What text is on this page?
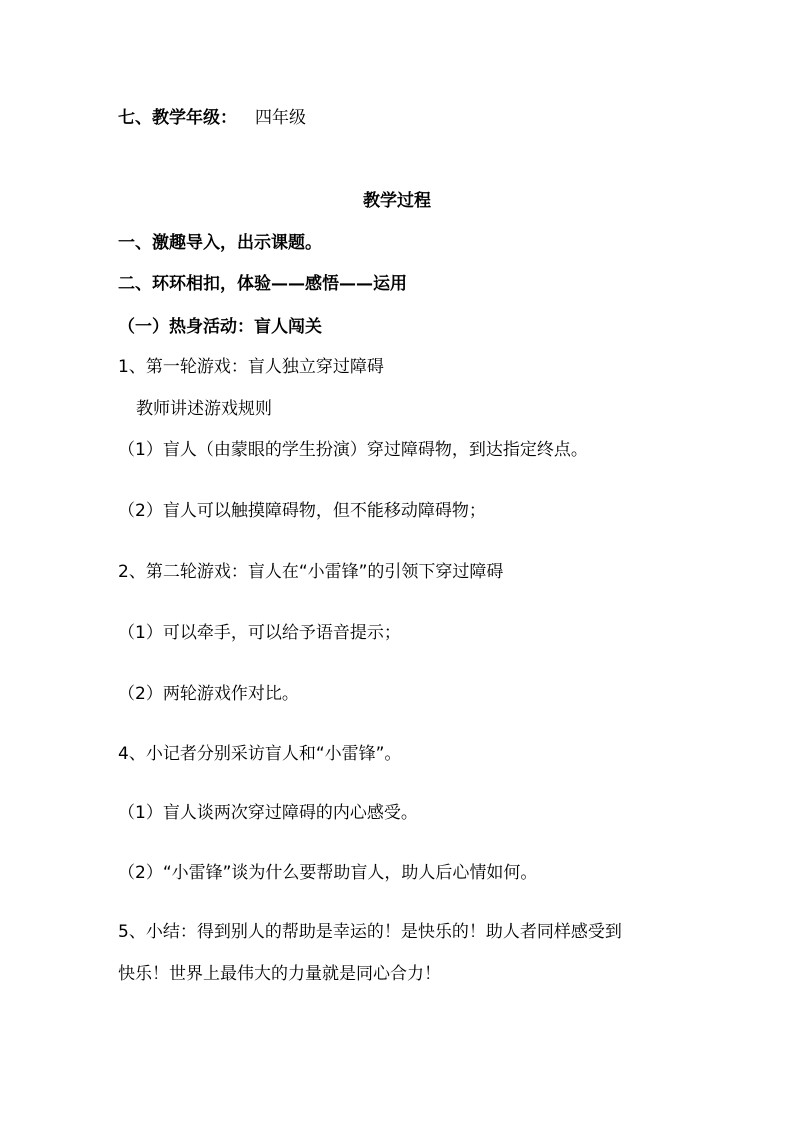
七、教学年级： 四年级
教学过程
一、激趣导入，出示课题。
二、环环相扣，体验——感悟——运用
（一）热身活动：盲人闯关
1、第一轮游戏：盲人独立穿过障碍
教师讲述游戏规则
（1）盲人（由蒙眼的学生扮演）穿过障碍物，到达指定终点。
（2）盲人可以触摸障碍物，但不能移动障碍物；
2、第二轮游戏：盲人在“小雷锋”的引领下穿过障碍
（1）可以牵手，可以给予语音提示；
（2）两轮游戏作对比。
4、小记者分别采访盲人和“小雷锋”。
（1）盲人谈两次穿过障碍的内心感受。
（2）“小雷锋”谈为什么要帮助盲人，助人后心情如何。
5、小结：得到别人的帮助是幸运的！是快乐的！助人者同样感受到
快乐！世界上最伟大的力量就是同心合力！
